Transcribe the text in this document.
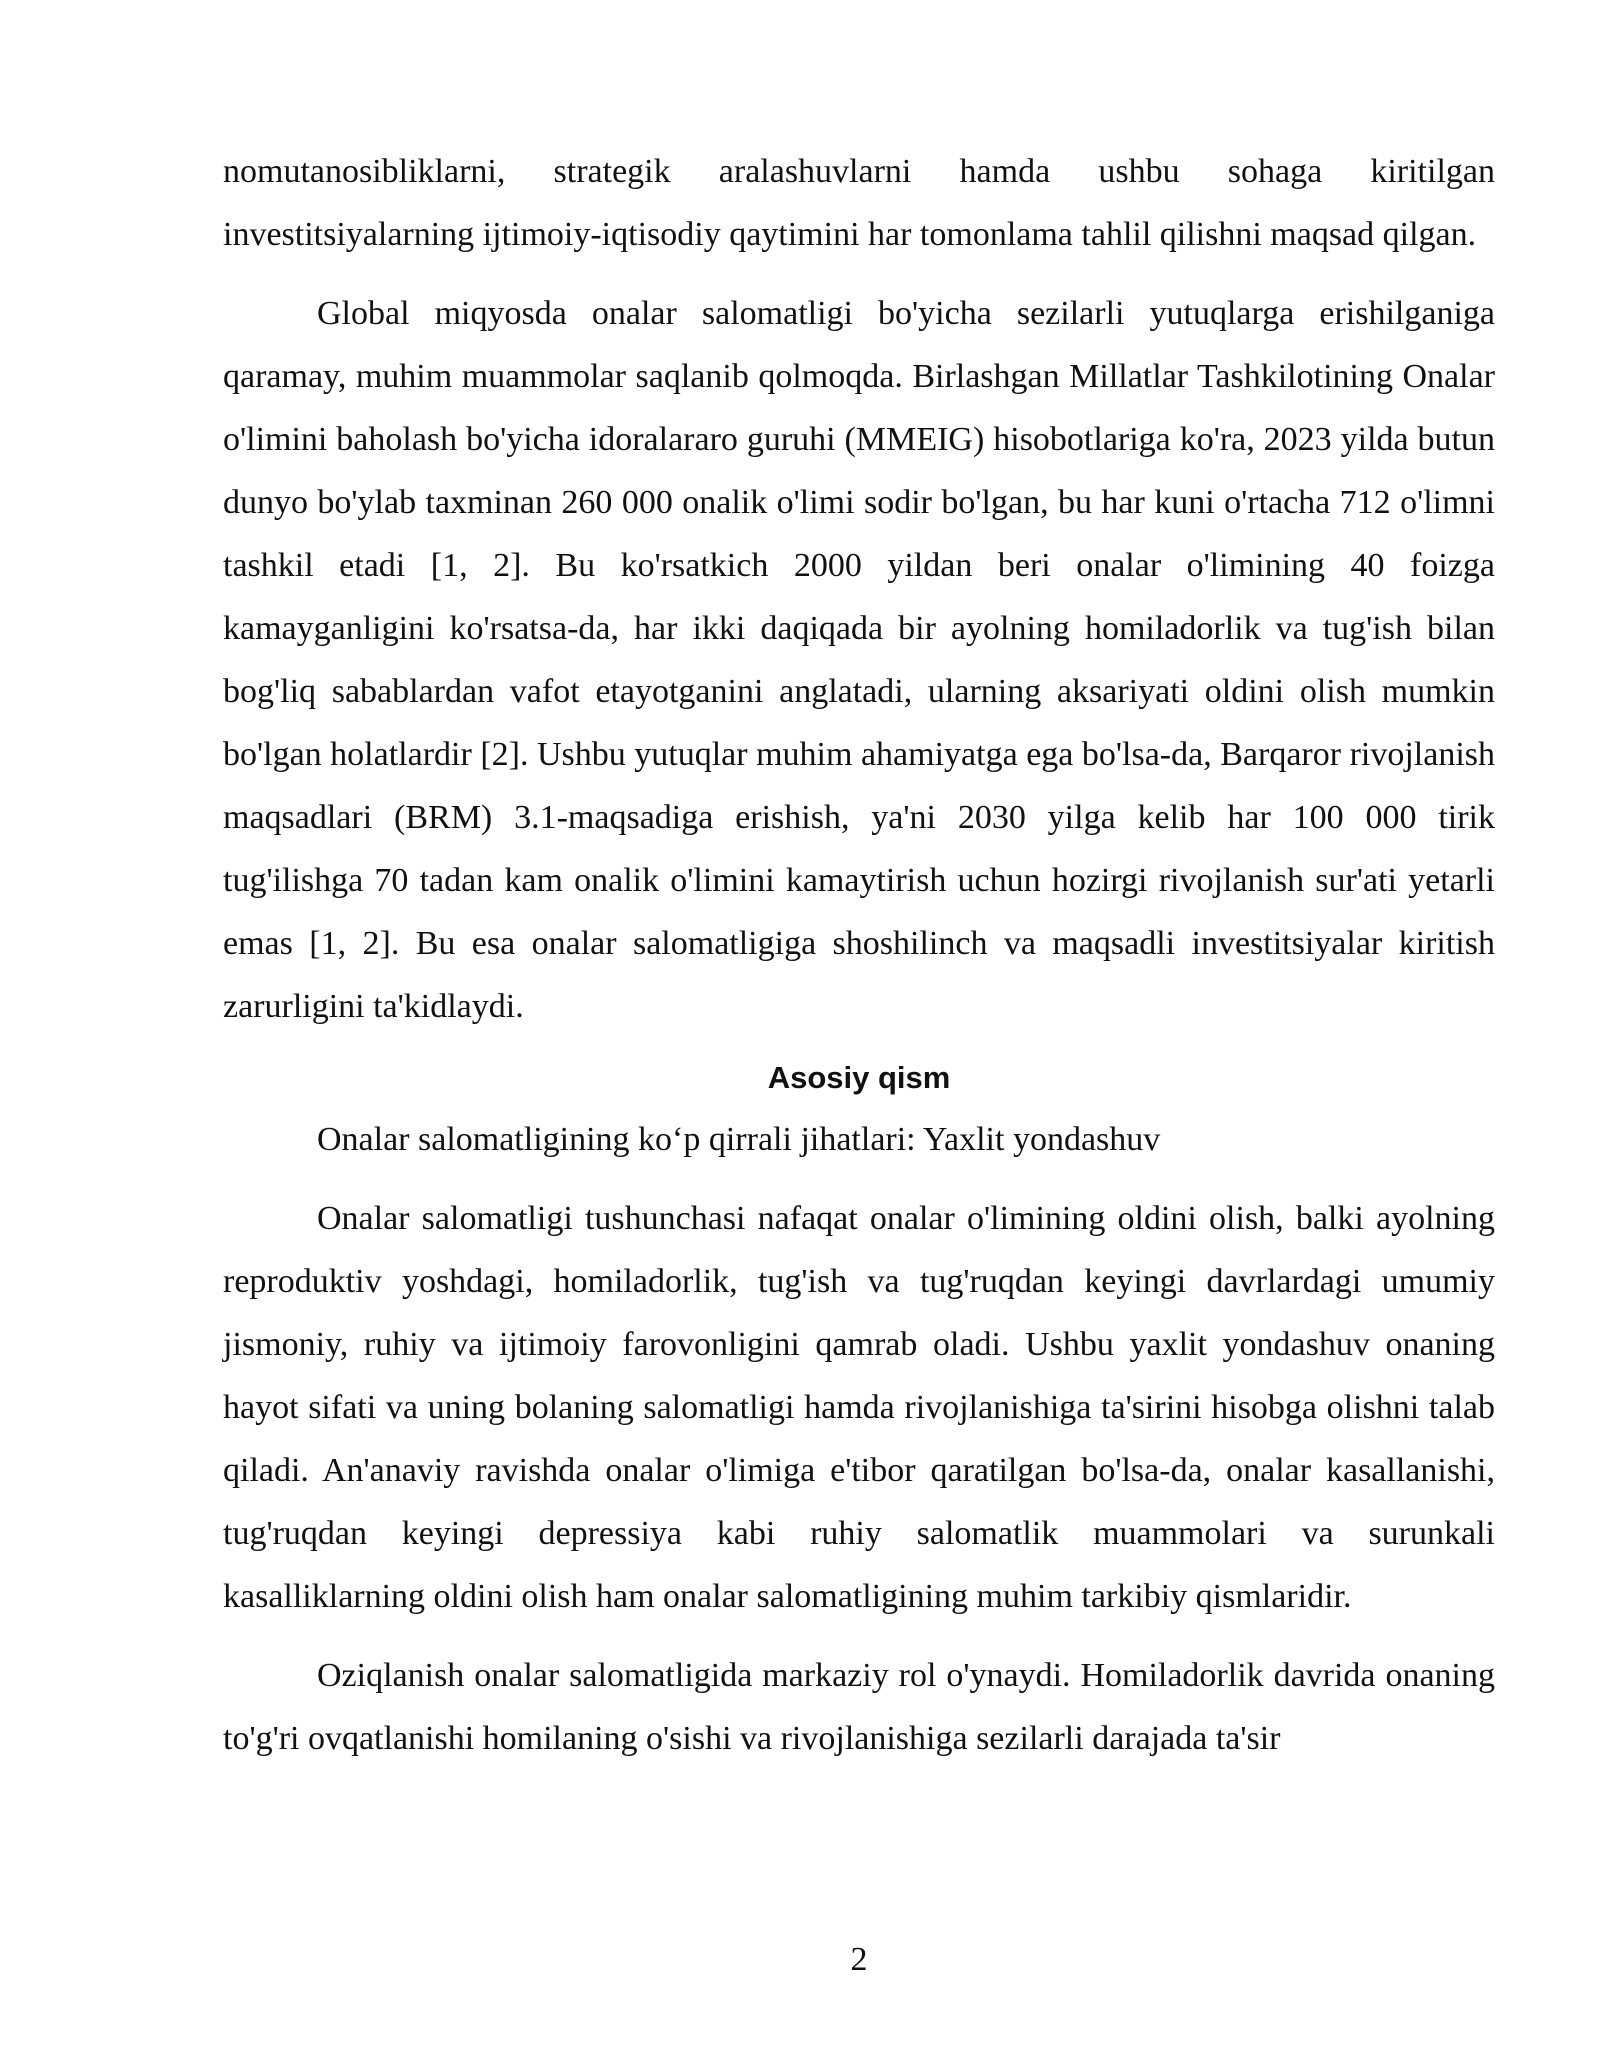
nomutanosibliklarni, strategik aralashuvlarni hamda ushbu sohaga kiritilgan investitsiyalarning ijtimoiy-iqtisodiy qaytimini har tomonlama tahlil qilishni maqsad qilgan.

Global miqyosda onalar salomatligi bo'yicha sezilarli yutuqlarga erishilganiga qaramay, muhim muammolar saqlanib qolmoqda. Birlashgan Millatlar Tashkilotining Onalar o'limini baholash bo'yicha idoralararo guruhi (MMEIG) hisobotlariga ko'ra, 2023 yilda butun dunyo bo'ylab taxminan 260 000 onalik o'limi sodir bo'lgan, bu har kuni o'rtacha 712 o'limni tashkil etadi [1, 2]. Bu ko'rsatkich 2000 yildan beri onalar o'limining 40 foizga kamayganligini ko'rsatsa-da, har ikki daqiqada bir ayolning homiladorlik va tug'ish bilan bog'liq sabablardan vafot etayotganini anglatadi, ularning aksariyati oldini olish mumkin bo'lgan holatlardir [2]. Ushbu yutuqlar muhim ahamiyatga ega bo'lsa-da, Barqaror rivojlanish maqsadlari (BRM) 3.1-maqsadiga erishish, ya'ni 2030 yilga kelib har 100 000 tirik tug'ilishga 70 tadan kam onalik o'limini kamaytirish uchun hozirgi rivojlanish sur'ati yetarli emas [1, 2]. Bu esa onalar salomatligiga shoshilinch va maqsadli investitsiyalar kiritish zarurligini ta'kidlaydi.

Asosiy qism

Onalar salomatligining ko‘p qirrali jihatlari: Yaxlit yondashuv

Onalar salomatligi tushunchasi nafaqat onalar o'limining oldini olish, balki ayolning reproduktiv yoshdagi, homiladorlik, tug'ish va tug'ruqdan keyingi davrlardagi umumiy jismoniy, ruhiy va ijtimoiy farovonligini qamrab oladi. Ushbu yaxlit yondashuv onaning hayot sifati va uning bolaning salomatligi hamda rivojlanishiga ta'sirini hisobga olishni talab qiladi. An'anaviy ravishda onalar o'limiga e'tibor qaratilgan bo'lsa-da, onalar kasallanishi, tug'ruqdan keyingi depressiya kabi ruhiy salomatlik muammolari va surunkali kasalliklarning oldini olish ham onalar salomatligining muhim tarkibiy qismlaridir.

Oziqlanish onalar salomatligida markaziy rol o'ynaydi. Homiladorlik davrida onaning to'g'ri ovqatlanishi homilaning o'sishi va rivojlanishiga sezilarli darajada ta'sir

2
